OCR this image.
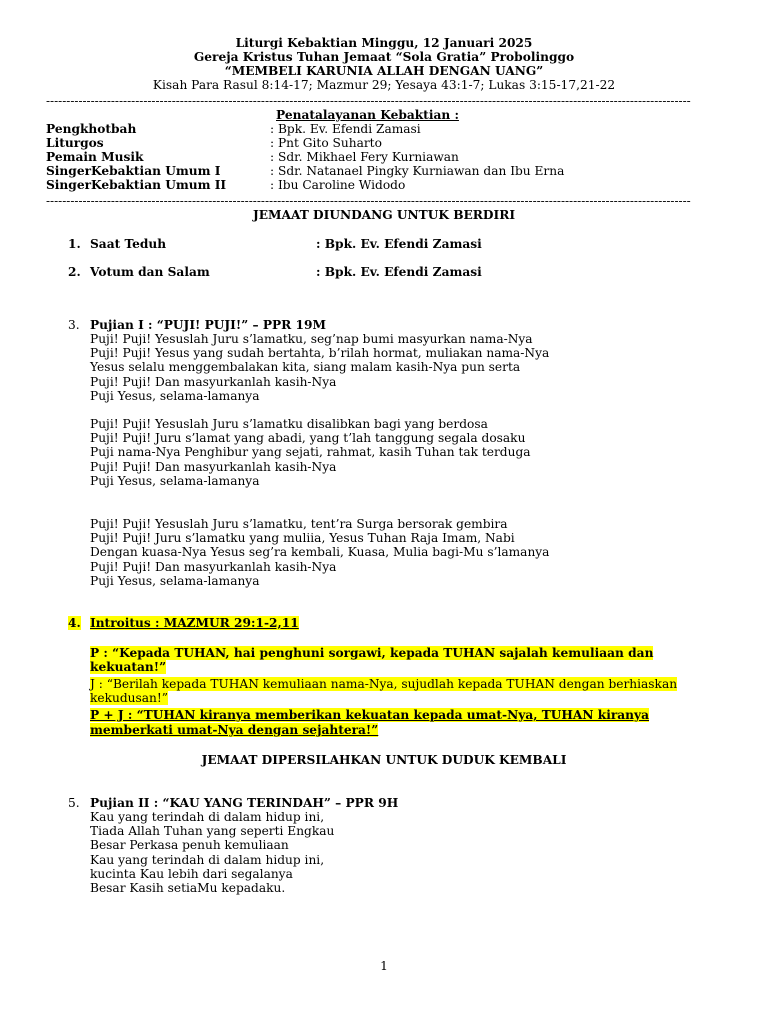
Liturgi Kebaktian Minggu, 12 Januari 2025
Gereja Kristus Tuhan Jemaat “Sola Gratia” Probolinggo
“MEMBELI KARUNIA ALLAH DENGAN UANG”
Kisah Para Rasul 8:14-17; Mazmur 29; Yesaya 43:1-7; Lukas 3:15-17,21-22
---------------------------------------------------------------------------------------------------------------------------------------------------------------
Penatalayanan Kebaktian :
Pengkhotbah	: Bpk. Ev. Efendi Zamasi
Liturgos	: Pnt Gito Suharto
Pemain Musik	: Sdr. Mikhael Fery Kurniawan
SingerKebaktian Umum I	: Sdr. Natanael Pingky Kurniawan dan Ibu Erna
SingerKebaktian Umum II	: Ibu Caroline Widodo
---------------------------------------------------------------------------------------------------------------------------------------------------------------
JEMAAT DIUNDANG UNTUK BERDIRI
1. Saat Teduh	: Bpk. Ev. Efendi Zamasi
2. Votum dan Salam	: Bpk. Ev. Efendi Zamasi
3. Pujian I : “PUJI! PUJI!” – PPR 19M
Puji! Puji! Yesuslah Juru s’lamatku, seg’nap bumi masyurkan nama-Nya
Puji! Puji! Yesus yang sudah bertahta, b’rilah hormat, muliakan nama-Nya
Yesus selalu menggembalakan kita, siang malam kasih-Nya pun serta
Puji! Puji! Dan masyurkanlah kasih-Nya
Puji Yesus, selama-lamanya
Puji! Puji! Yesuslah Juru s’lamatku disalibkan bagi yang berdosa
Puji! Puji! Juru s’lamat yang abadi, yang t’lah tanggung segala dosaku
Puji nama-Nya Penghibur yang sejati, rahmat, kasih Tuhan tak terduga
Puji! Puji! Dan masyurkanlah kasih-Nya
Puji Yesus, selama-lamanya
Puji! Puji! Yesuslah Juru s’lamatku, tent’ra Surga bersorak gembira
Puji! Puji! Juru s’lamatku yang muliia, Yesus Tuhan Raja Imam, Nabi
Dengan kuasa-Nya Yesus seg’ra kembali, Kuasa, Mulia bagi-Mu s’lamanya
Puji! Puji! Dan masyurkanlah kasih-Nya
Puji Yesus, selama-lamanya
4. Introitus : MAZMUR 29:1-2,11
P : “Kepada TUHAN, hai penghuni sorgawi, kepada TUHAN sajalah kemuliaan dan
kekuatan!”
J : “Berilah kepada TUHAN kemuliaan nama-Nya, sujudlah kepada TUHAN dengan berhiaskan
kekudusan!”
P + J : “TUHAN kiranya memberikan kekuatan kepada umat-Nya, TUHAN kiranya
memberkati umat-Nya dengan sejahtera!”
JEMAAT DIPERSILAHKAN UNTUK DUDUK KEMBALI
5. Pujian II : “KAU YANG TERINDAH” – PPR 9H
Kau yang terindah di dalam hidup ini,
Tiada Allah Tuhan yang seperti Engkau
Besar Perkasa penuh kemuliaan
Kau yang terindah di dalam hidup ini,
kucinta Kau lebih dari segalanya
Besar Kasih setiaMu kepadaku.
1
